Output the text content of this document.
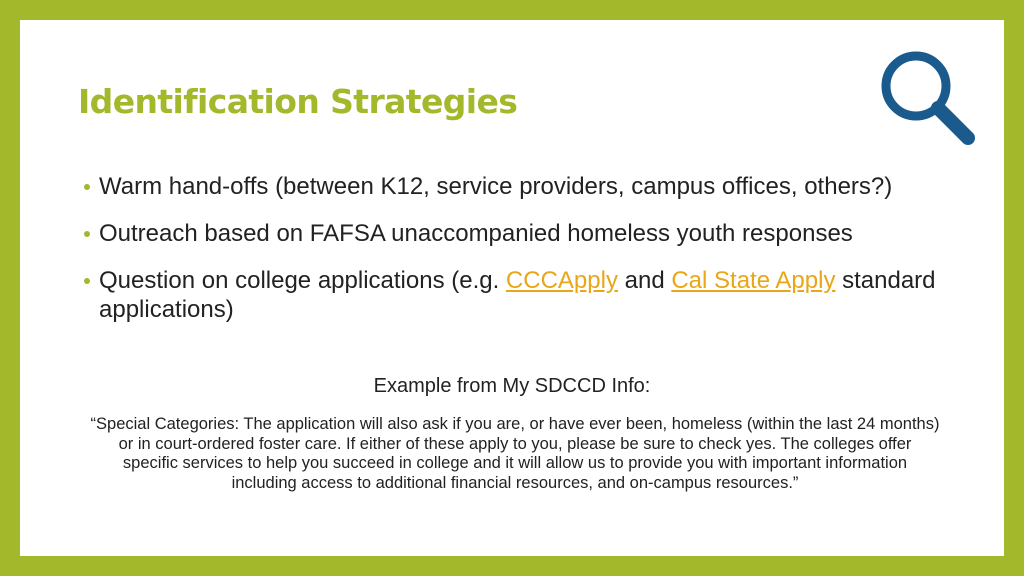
Identification Strategies
Warm hand-offs (between K12, service providers, campus offices, others?)
Outreach based on FAFSA unaccompanied homeless youth responses
Question on college applications (e.g. CCCApply and Cal State Apply standard applications)
Example from My SDCCD Info:

“Special Categories: The application will also ask if you are, or have ever been, homeless (within the last 24 months) or in court-ordered foster care. If either of these apply to you, please be sure to check yes. The colleges offer specific services to help you succeed in college and it will allow us to provide you with important information including access to additional financial resources, and on-campus resources.”
